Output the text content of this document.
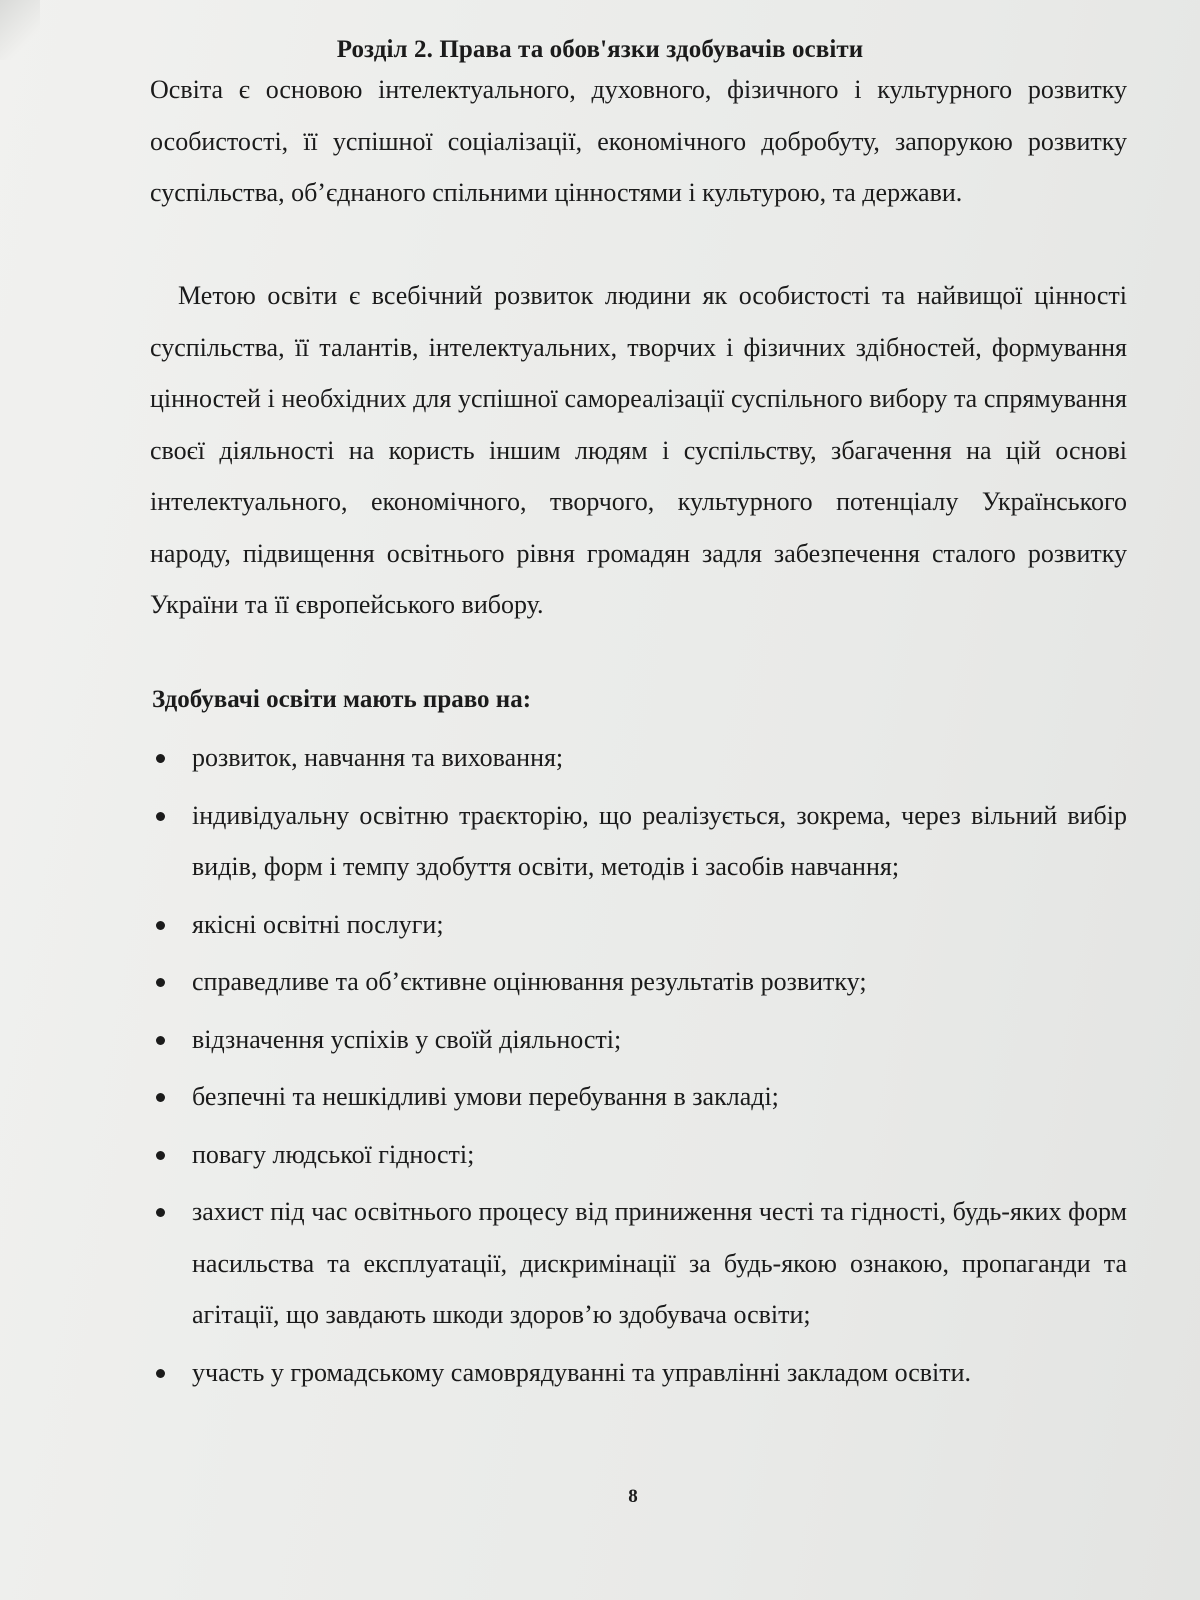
Розділ 2. Права та обов'язки здобувачів освіти
Освіта є основою інтелектуального, духовного, фізичного і культурного розвитку особистості, її успішної соціалізації, економічного добробуту, запорукою розвитку суспільства, об’єднаного спільними цінностями і культурою, та держави.
Метою освіти є всебічний розвиток людини як особистості та найвищої цінності суспільства, її талантів, інтелектуальних, творчих і фізичних здібностей, формування цінностей і необхідних для успішної самореалізації суспільного вибору та спрямування своєї діяльності на користь іншим людям і суспільству, збагачення на цій основі інтелектуального, економічного, творчого, культурного потенціалу Українського народу, підвищення освітнього рівня громадян задля забезпечення сталого розвитку України та її європейського вибору.
Здобувачі освіти мають право на:
розвиток, навчання та виховання;
індивідуальну освітню траєкторію, що реалізується, зокрема, через вільний вибір видів, форм і темпу здобуття освіти, методів і засобів навчання;
якісні освітні послуги;
справедливе та об’єктивне оцінювання результатів розвитку;
відзначення успіхів у своїй діяльності;
безпечні та нешкідливі умови перебування в закладі;
повагу людської гідності;
захист під час освітнього процесу від приниження честі та гідності, будь-яких форм насильства та експлуатації, дискримінації за будь-якою ознакою, пропаганди та агітації, що завдають шкоди здоров’ю здобувача освіти;
участь у громадському самоврядуванні та управлінні закладом освіти.
8
